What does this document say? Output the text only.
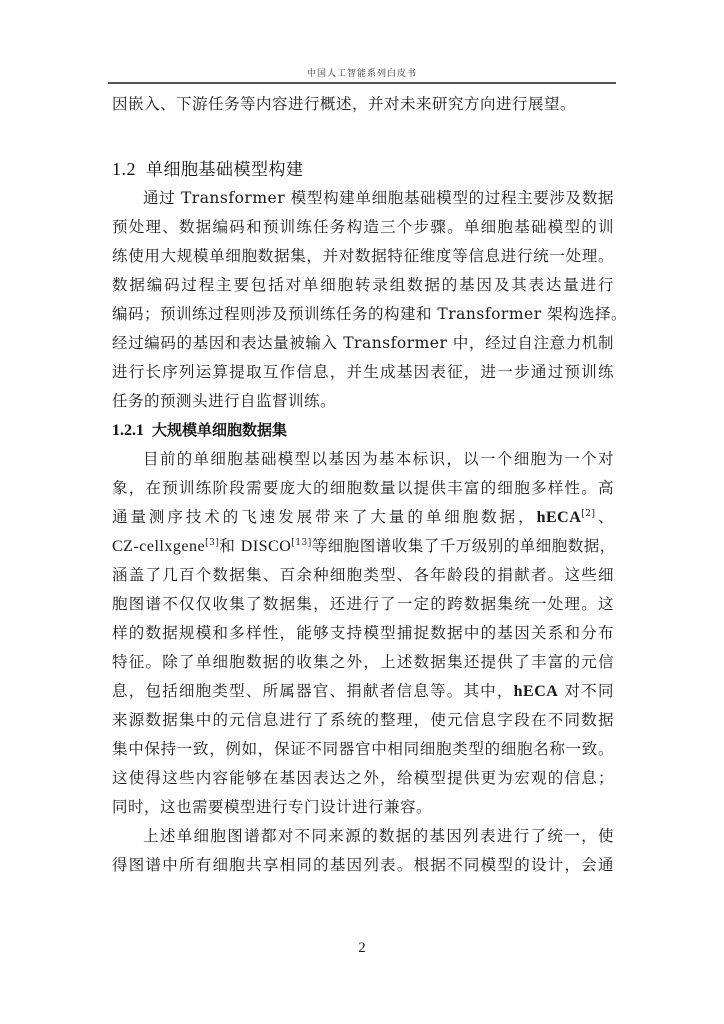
中国人工智能系列白皮书
因嵌入、下游任务等内容进行概述，并对未来研究方向进行展望。
1.2 单细胞基础模型构建
通过 Transformer 模型构建单细胞基础模型的过程主要涉及数据
预处理、数据编码和预训练任务构造三个步骤。单细胞基础模型的训
练使用大规模单细胞数据集，并对数据特征维度等信息进行统一处理。
数据编码过程主要包括对单细胞转录组数据的基因及其表达量进行
编码；预训练过程则涉及预训练任务的构建和 Transformer 架构选择。
经过编码的基因和表达量被输入 Transformer 中，经过自注意力机制
进行长序列运算提取互作信息，并生成基因表征，进一步通过预训练
任务的预测头进行自监督训练。
1.2.1 大规模单细胞数据集
目前的单细胞基础模型以基因为基本标识，以一个细胞为一个对
象，在预训练阶段需要庞大的细胞数量以提供丰富的细胞多样性。高
通量测序技术的飞速发展带来了大量的单细胞数据，hECA[2]、
CZ-cellxgene[3]和 DISCO[13]等细胞图谱收集了千万级别的单细胞数据，
涵盖了几百个数据集、百余种细胞类型、各年龄段的捐献者。这些细
胞图谱不仅仅收集了数据集，还进行了一定的跨数据集统一处理。这
样的数据规模和多样性，能够支持模型捕捉数据中的基因关系和分布
特征。除了单细胞数据的收集之外，上述数据集还提供了丰富的元信
息，包括细胞类型、所属器官、捐献者信息等。其中，hECA 对不同
来源数据集中的元信息进行了系统的整理，使元信息字段在不同数据
集中保持一致，例如，保证不同器官中相同细胞类型的细胞名称一致。
这使得这些内容能够在基因表达之外，给模型提供更为宏观的信息；
同时，这也需要模型进行专门设计进行兼容。
上述单细胞图谱都对不同来源的数据的基因列表进行了统一，使
得图谱中所有细胞共享相同的基因列表。根据不同模型的设计，会通
2
